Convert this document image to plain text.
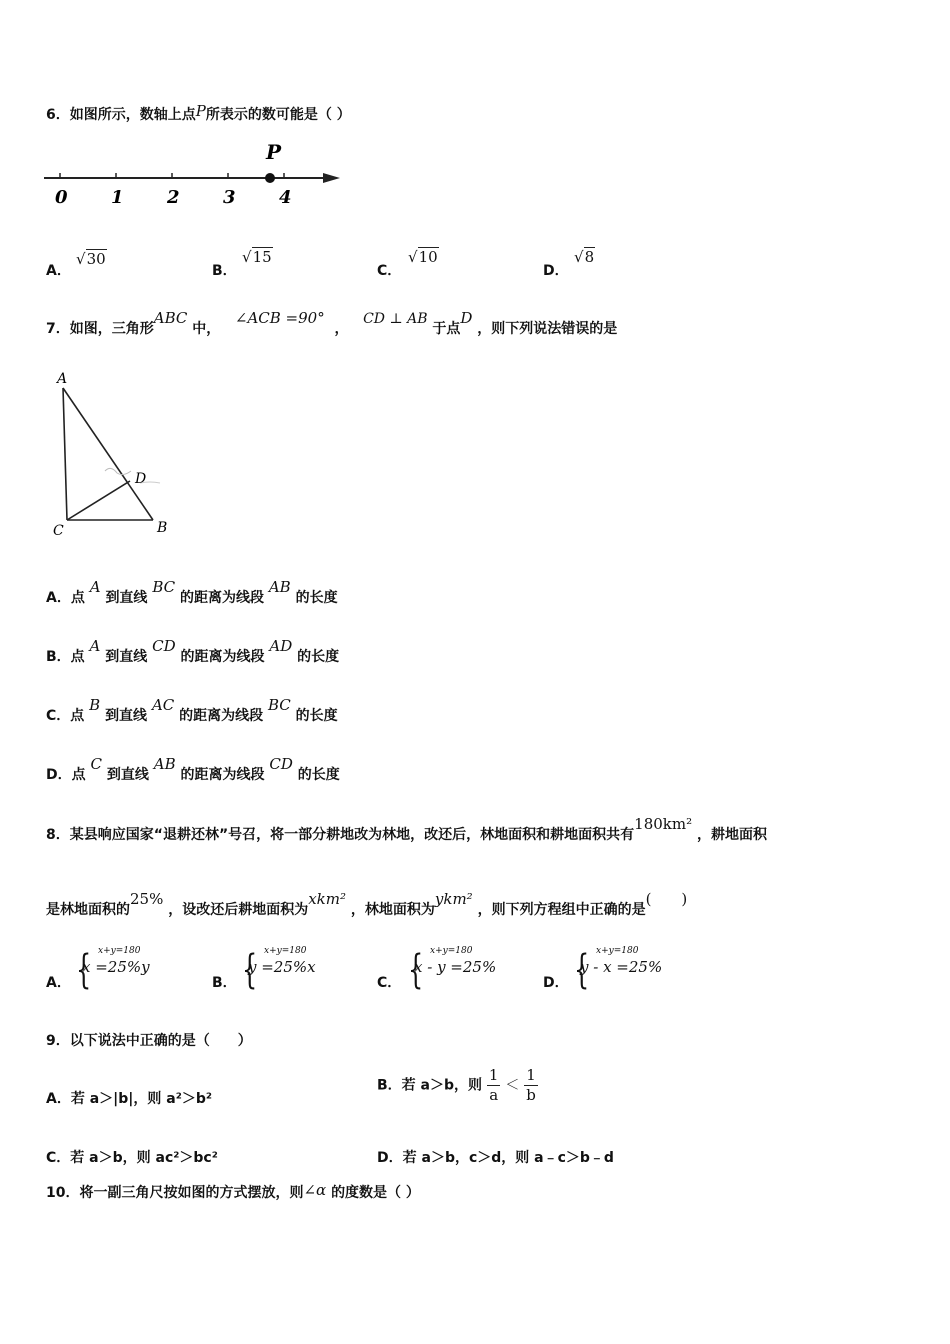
6．如图所示，数轴上点P所表示的数可能是（ ）
0 1 2 3 4
P
A．
√30
B．
√15
C．
√10
D．
√8
7．如图，三角形ABC 中，   ∠ACB =90°  ，   CD ⊥ AB 于点D ，则下列说法错误的是
A
D
C	B
A．点 A 到直线 BC 的距离为线段 AB 的长度
B．点 A 到直线 CD 的距离为线段 AD 的长度
C．点 B 到直线 AC 的距离为线段 BC 的长度
D．点 C 到直线 AB 的距离为线段 CD 的长度
8．某县响应国家“退耕还林”号召，将一部分耕地改为林地，改还后，林地面积和耕地面积共有180km² ，耕地面积
是林地面积的25% ，设改还后耕地面积为xkm² ，林地面积为ykm² ，则下列方程组中正确的是(　　)
A． { x+y=180
x =25%y
B． { x+y=180
y =25%x
C． { x+y=180
x - y =25%
D． { x+y=180
y - x =25%
9．以下说法中正确的是（　　）
A．若 a＞|b|，则 a²＞b²
B．若 a＞b，则 $\frac{1}{a} < \frac{1}{b}$
C．若 a＞b，则 ac²＞bc²	D．若 a＞b，c＞d，则 a﹣c＞b﹣d
10．将一副三角尺按如图的方式摆放，则∠α 的度数是（ ）
